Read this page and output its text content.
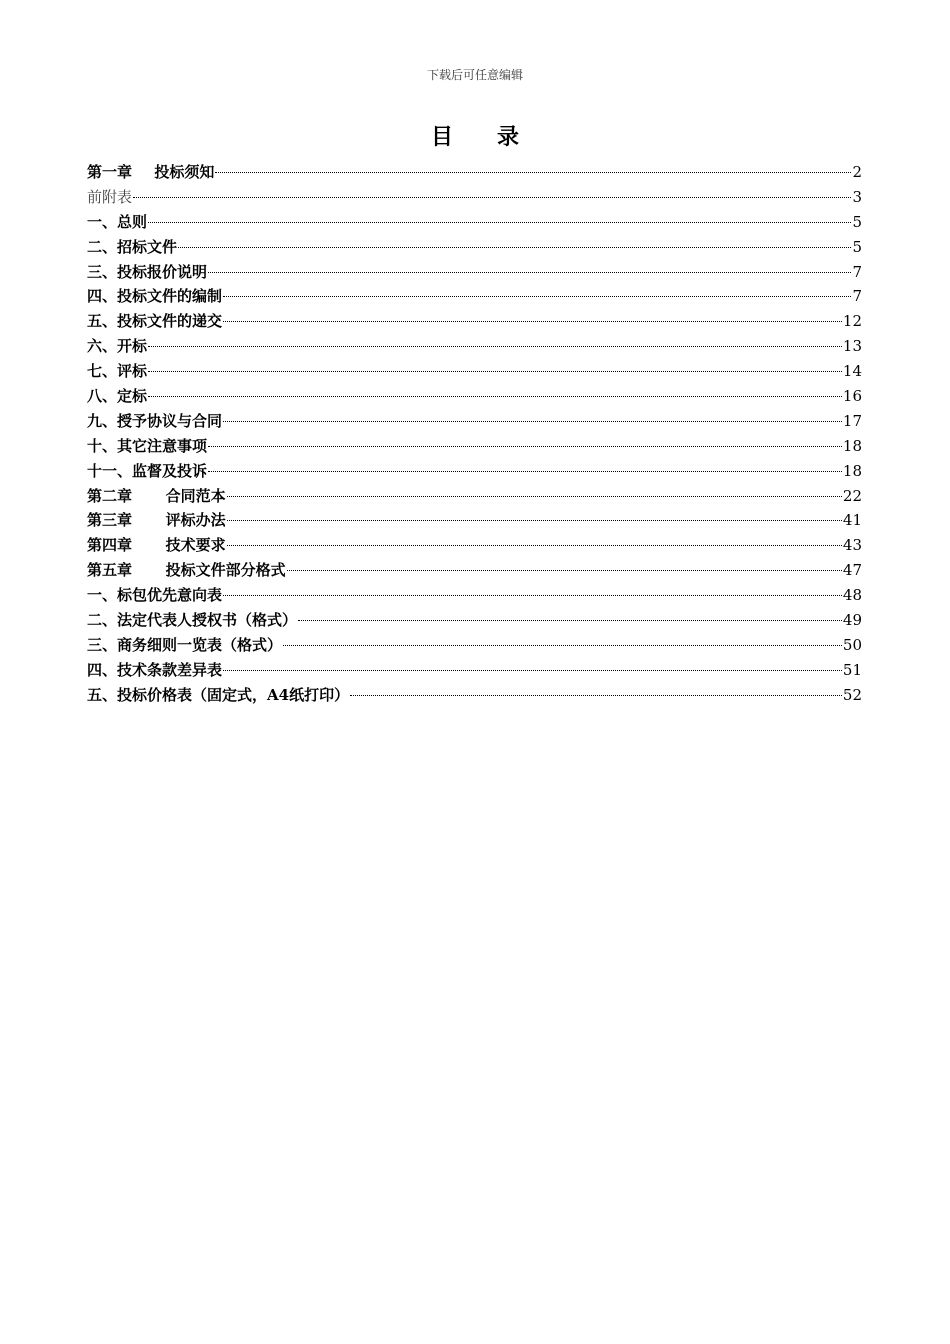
下载后可任意编辑
目 录
第一章 投标须知	2
前附表	3
一、总则	5
二、招标文件	5
三、投标报价说明	7
四、投标文件的编制	7
五、投标文件的递交	12
六、开标	13
七、评标	14
八、定标	16
九、授予协议与合同	17
十、其它注意事项	18
十一、监督及投诉	18
第二章 合同范本	22
第三章 评标办法	41
第四章 技术要求	43
第五章 投标文件部分格式	47
一、标包优先意向表	48
二、法定代表人授权书（格式）	49
三、商务细则一览表（格式）	50
四、技术条款差异表	51
五、投标价格表（固定式，A4纸打印）	52
